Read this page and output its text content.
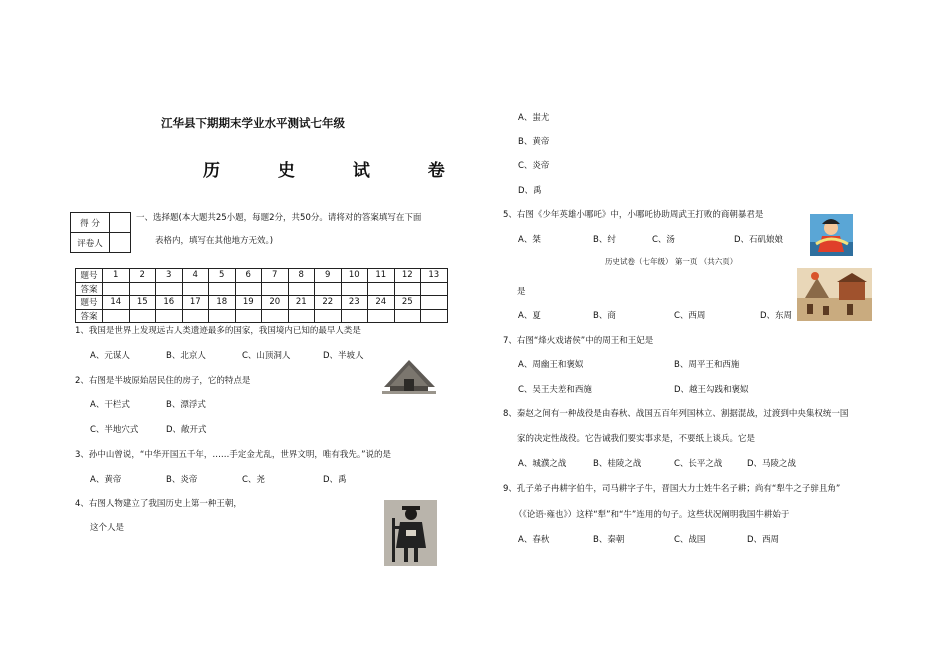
江华县下期期末学业水平测试七年级
历 史 试 卷
得 分	
评卷人	
一、选择题(本大题共25小题，每题2分，共50分。请将对的答案填写在下面
表格内，填写在其他地方无效。)
题号	1	2	3	4	5	6	7	8	9	10	11	12	13
答案													
题号	14	15	16	17	18	19	20	21	22	23	24	25	
答案													
1、我国是世界上发现远古人类遗迹最多的国家，我国境内已知的最早人类是
A、元谋人	B、北京人	C、山顶洞人	D、半坡人
2、右图是半坡原始居民住的房子，它的特点是
A、干栏式	B、漂浮式
C、半地穴式	D、敞开式
3、孙中山曾说，“中华开国五千年，……手定金尤乱，世界文明，唯有我先。”说的是
A、黄帝	B、炎帝	C、尧	D、禹
4、右图人物建立了我国历史上第一种王朝，
这个人是
A、蚩尤
B、黄帝
C、炎帝
D、禹
5、右图《少年英雄小哪吒》中，小哪吒协助周武王打败的商朝暴君是
A、桀	B、纣	C、汤	D、石矶娘娘
历史试卷（七年级） 第一页 （共六页）
是
A、夏	B、商	C、西周	D、东周
7、右图“烽火戏诸侯”中的周王和王妃是
A、周幽王和褒姒	B、周平王和西施
C、吴王夫差和西施	D、越王勾践和褒姒
8、秦赵之间有一种战役是由春秋、战国五百年列国林立、割据混战，过渡到中央集权统一国
家的决定性战役。它告诫我们要实事求是，不要纸上谈兵。它是
A、城濮之战	B、桂陵之战	C、长平之战	D、马陵之战
9、孔子弟子冉耕字伯牛，司马耕字子牛，晋国大力士姓牛名子耕；尚有“犁牛之子骍且角”
（《论语·雍也》）这样“犁”和“牛”连用的句子。这些状况阐明我国牛耕始于
A、春秋	B、秦朝	C、战国	D、西周
